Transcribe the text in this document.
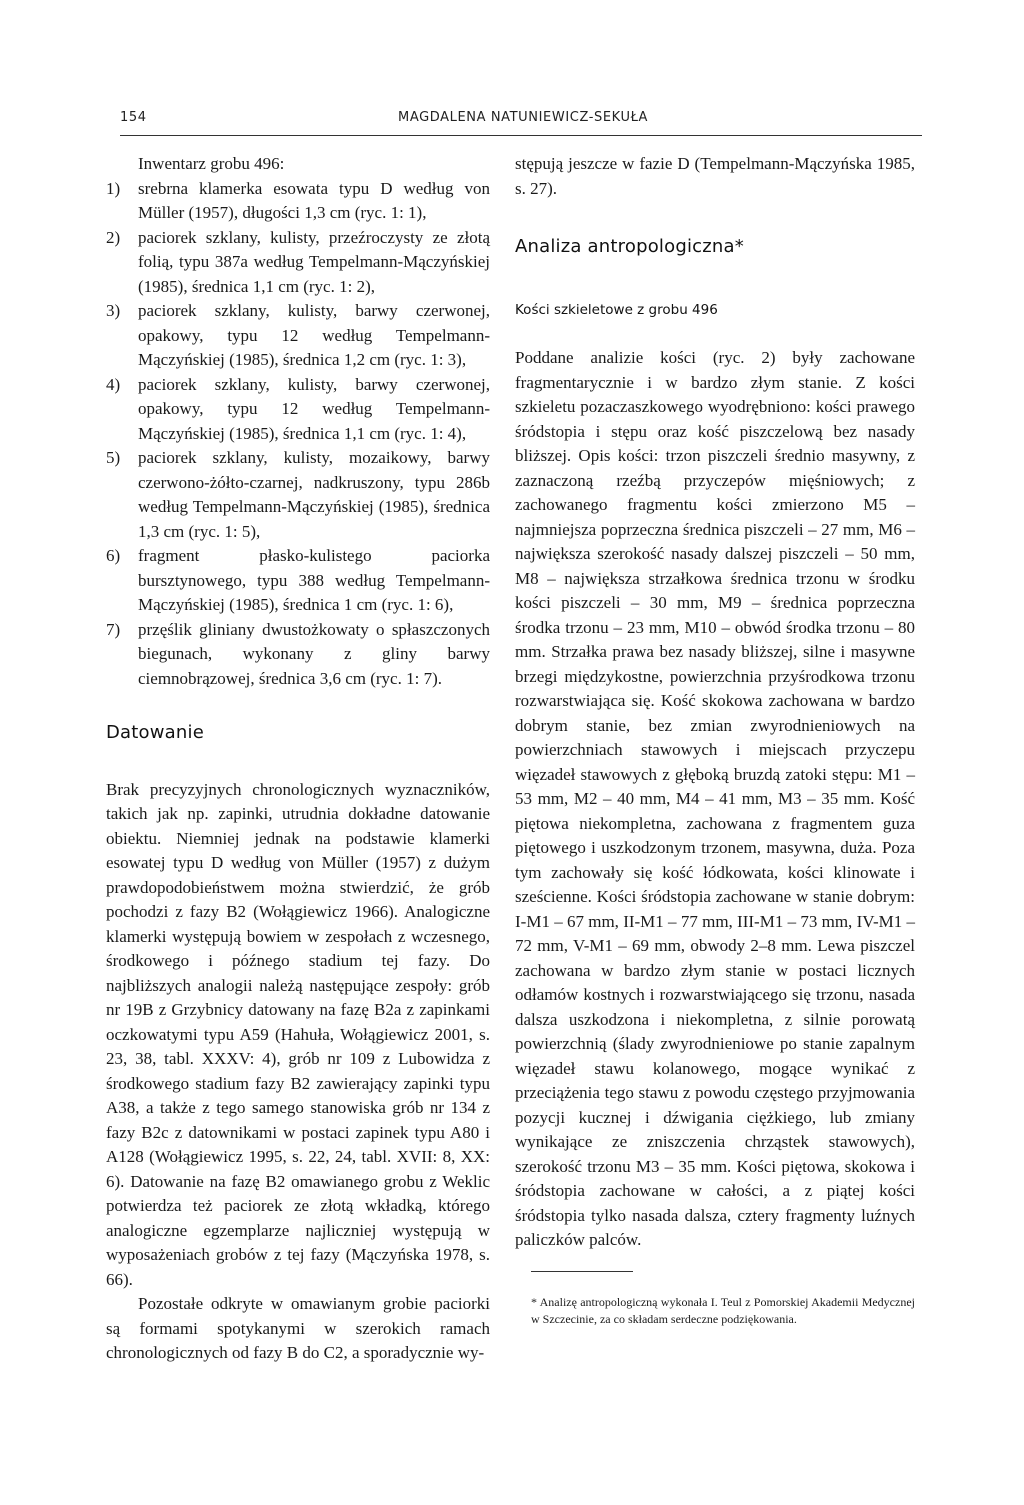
154	MAGDALENA NATUNIEWICZ-SEKUŁA

Inwentarz grobu 496:

1) srebrna klamerka esowata typu D według von Müller (1957), długości 1,3 cm (ryc. 1: 1),
2) paciorek szklany, kulisty, przeźroczysty ze złotą folią, typu 387a według Tempelmann-Mączyńskiej (1985), średnica 1,1 cm (ryc. 1: 2),
3) paciorek szklany, kulisty, barwy czerwonej, opakowy, typu 12 według Tempelmann-Mączyńskiej (1985), średnica 1,2 cm (ryc. 1: 3),
4) paciorek szklany, kulisty, barwy czerwonej, opakowy, typu 12 według Tempelmann-Mączyńskiej (1985), średnica 1,1 cm (ryc. 1: 4),
5) paciorek szklany, kulisty, mozaikowy, barwy czerwono-żółto-czarnej, nadkruszony, typu 286b według Tempelmann-Mączyńskiej (1985), średnica 1,3 cm (ryc. 1: 5),
6) fragment płasko-kulistego paciorka bursztynowego, typu 388 według Tempelmann-Mączyńskiej (1985), średnica 1 cm (ryc. 1: 6),
7) przęślik gliniany dwustożkowaty o spłaszczonych biegunach, wykonany z gliny barwy ciemnobrązowej, średnica 3,6 cm (ryc. 1: 7).

Datowanie

Brak precyzyjnych chronologicznych wyznaczników, takich jak np. zapinki, utrudnia dokładne datowanie obiektu. Niemniej jednak na podstawie klamerki esowatej typu D według von Müller (1957) z dużym prawdopodobieństwem można stwierdzić, że grób pochodzi z fazy B2 (Wołągiewicz 1966). Analogiczne klamerki występują bowiem w zespołach z wczesnego, środkowego i późnego stadium tej fazy. Do najbliższych analogii należą następujące zespoły: grób nr 19B z Grzybnicy datowany na fazę B2a z zapinkami oczkowatymi typu A59 (Hahuła, Wołągiewicz 2001, s. 23, 38, tabl. XXXV: 4), grób nr 109 z Lubowidza z środkowego stadium fazy B2 zawierający zapinki typu A38, a także z tego samego stanowiska grób nr 134 z fazy B2c z datownikami w postaci zapinek typu A80 i A128 (Wołągiewicz 1995, s. 22, 24, tabl. XVII: 8, XX: 6). Datowanie na fazę B2 omawianego grobu z Weklic potwierdza też paciorek ze złotą wkładką, którego analogiczne egzemplarze najliczniej występują w wyposażeniach grobów z tej fazy (Mączyńska 1978, s. 66).

Pozostałe odkryte w omawianym grobie paciorki są formami spotykanymi w szerokich ramach chronologicznych od fazy B do C2, a sporadycznie wy-

stępują jeszcze w fazie D (Tempelmann-Mączyńska 1985, s. 27).

Analiza antropologiczna*

Kości szkieletowe z grobu 496

Poddane analizie kości (ryc. 2) były zachowane fragmentarycznie i w bardzo złym stanie. Z kości szkieletu pozaczaszkowego wyodrębniono: kości prawego śródstopia i stępu oraz kość piszczelową bez nasady bliższej. Opis kości: trzon piszczeli średnio masywny, z zaznaczoną rzeźbą przyczepów mięśniowych; z zachowanego fragmentu kości zmierzono M5 – najmniejsza poprzeczna średnica piszczeli – 27 mm, M6 – największa szerokość nasady dalszej piszczeli – 50 mm, M8 – największa strzałkowa średnica trzonu w środku kości piszczeli – 30 mm, M9 – średnica poprzeczna środka trzonu – 23 mm, M10 – obwód środka trzonu – 80 mm. Strzałka prawa bez nasady bliższej, silne i masywne brzegi międzykostne, powierzchnia przyśrodkowa trzonu rozwarstwiająca się. Kość skokowa zachowana w bardzo dobrym stanie, bez zmian zwyrodnieniowych na powierzchniach stawowych i miejscach przyczepu więzadeł stawowych z głęboką bruzdą zatoki stępu: M1 – 53 mm, M2 – 40 mm, M4 – 41 mm, M3 – 35 mm. Kość piętowa niekompletna, zachowana z fragmentem guza piętowego i uszkodzonym trzonem, masywna, duża. Poza tym zachowały się kość łódkowata, kości klinowate i sześcienne. Kości śródstopia zachowane w stanie dobrym: I-M1 – 67 mm, II-M1 – 77 mm, III-M1 – 73 mm, IV-M1 – 72 mm, V-M1 – 69 mm, obwody 2–8 mm. Lewa piszczel zachowana w bardzo złym stanie w postaci licznych odłamów kostnych i rozwarstwiającego się trzonu, nasada dalsza uszkodzona i niekompletna, z silnie porowatą powierzchnią (ślady zwyrodnieniowe po stanie zapalnym więzadeł stawu kolanowego, mogące wynikać z przeciążenia tego stawu z powodu częstego przyjmowania pozycji kucznej i dźwigania ciężkiego, lub zmiany wynikające ze zniszczenia chrząstek stawowych), szerokość trzonu M3 – 35 mm. Kości piętowa, skokowa i śródstopia zachowane w całości, a z piątej kości śródstopia tylko nasada dalsza, cztery fragmenty luźnych paliczków palców.

* Analizę antropologiczną wykonała I. Teul z Pomorskiej Akademii Medycznej w Szczecinie, za co składam serdeczne podziękowania.
